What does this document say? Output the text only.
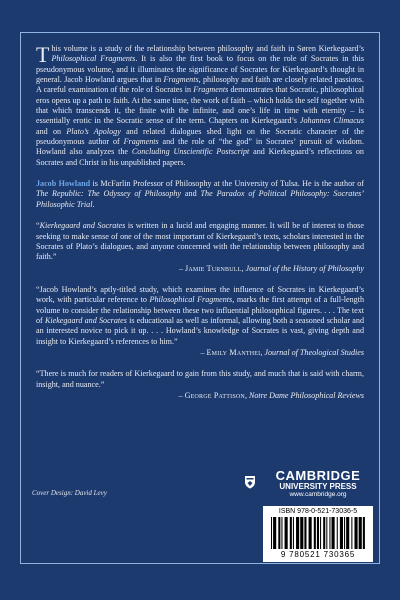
This volume is a study of the relationship between philosophy and faith in Søren Kierkegaard’s Philosophical Fragments. It is also the first book to focus on the role of Socrates in this pseudonymous volume, and it illuminates the significance of Socrates for Kierkegaard’s thought in general. Jacob Howland argues that in Fragments, philosophy and faith are closely related passions. A careful examination of the role of Socrates in Fragments demonstrates that Socratic, philosophical eros opens up a path to faith. At the same time, the work of faith – which holds the self together with that which transcends it, the finite with the infinite, and one’s life in time with eternity – is essentially erotic in the Socratic sense of the term. Chapters on Kierkegaard’s Johannes Climacus and on Plato’s Apology and related dialogues shed light on the Socratic character of the pseudonymous author of Fragments and the role of “the god” in Socrates’ pursuit of wisdom. Howland also analyzes the Concluding Unscientific Postscript and Kierkegaard’s reflections on Socrates and Christ in his unpublished papers.

Jacob Howland is McFarlin Professor of Philosophy at the University of Tulsa. He is the author of The Republic: The Odyssey of Philosophy and The Paradox of Political Philosophy: Socrates’ Philosophic Trial.

“Kierkegaard and Socrates is written in a lucid and engaging manner. It will be of interest to those seeking to make sense of one of the most important of Kierkegaard’s texts, scholars interested in the Socrates of Plato’s dialogues, and anyone concerned with the relationship between philosophy and faith.”

– Jamie Turnbull, Journal of the History of Philosophy

“Jacob Howland’s aptly-titled study, which examines the influence of Socrates in Kierkegaard’s work, with particular reference to Philosophical Fragments, marks the first attempt of a full-length volume to consider the relationship between these two influential philosophical figures. . . . The text of Kiekegaard and Socrates is educational as well as informal, allowing both a seasoned scholar and an interested novice to pick it up. . . . Howland’s knowledge of Socrates is vast, giving depth and insight to Kierkegaard’s references to him.”

– Emily Manthei, Journal of Theological Studies

“There is much for readers of Kierkegaard to gain from this study, and much that is said with charm, insight, and nuance.”

– George Pattison, Notre Dame Philosophical Reviews

Cover Design: David Levy
CAMBRIDGE
UNIVERSITY PRESS
www.cambridge.org
ISBN 978-0-521-73036-5
9 780521 730365
